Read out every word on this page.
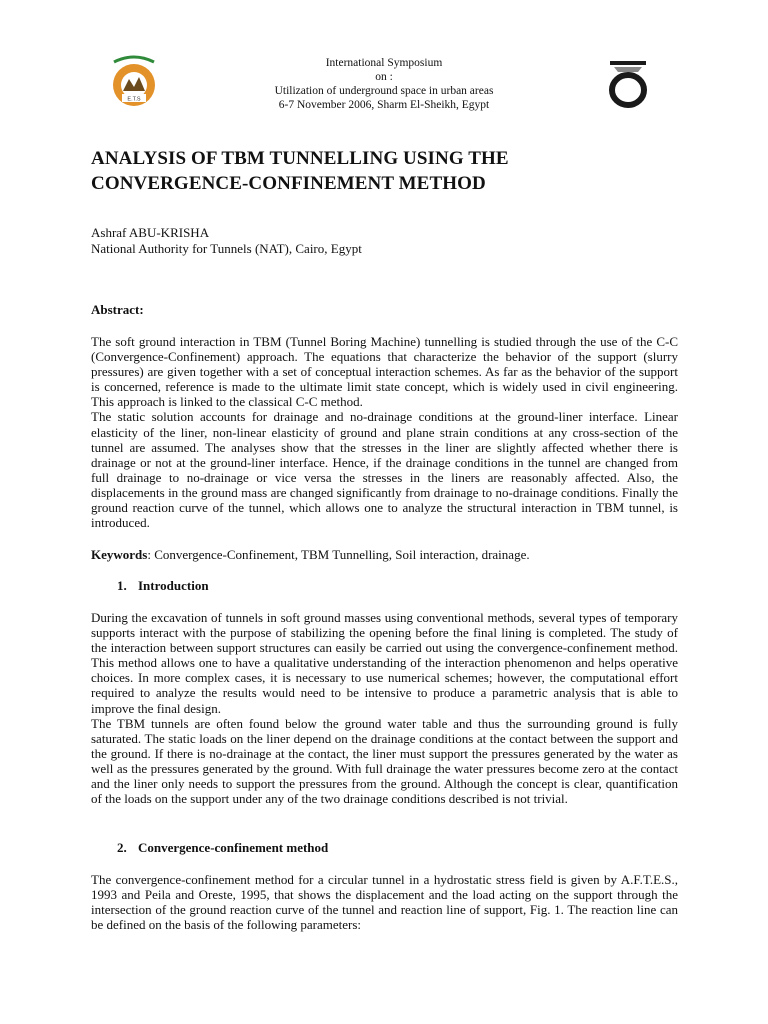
E.T.S
International Symposium
on :
Utilization of underground space in urban areas
6-7 November 2006, Sharm El-Sheikh, Egypt
ANALYSIS OF TBM TUNNELLING USING THE
CONVERGENCE-CONFINEMENT METHOD
Ashraf ABU-KRISHA
National Authority for Tunnels (NAT), Cairo, Egypt
Abstract:

The soft ground interaction in TBM (Tunnel Boring Machine) tunnelling is studied through the use of the C-C (Convergence-Confinement) approach. The equations that characterize the behavior of the support (slurry pressures) are given together with a set of conceptual interaction schemes. As far as the behavior of the support is concerned, reference is made to the ultimate limit state concept, which is widely used in civil engineering. This approach is linked to the classical C-C method.

The static solution accounts for drainage and no-drainage conditions at the ground-liner interface. Linear elasticity of the liner, non-linear elasticity of ground and plane strain conditions at any cross-section of the tunnel are assumed. The analyses show that the stresses in the liner are slightly affected whether there is drainage or not at the ground-liner interface. Hence, if the drainage conditions in the tunnel are changed from full drainage to no-drainage or vice versa the stresses in the liners are reasonably affected. Also, the displacements in the ground mass are changed significantly from drainage to no-drainage conditions. Finally the ground reaction curve of the tunnel, which allows one to analyze the structural interaction in TBM tunnel, is introduced.

Keywords: Convergence-Confinement, TBM Tunnelling, Soil interaction, drainage.
1. Introduction

During the excavation of tunnels in soft ground masses using conventional methods, several types of temporary supports interact with the purpose of stabilizing the opening before the final lining is completed. The study of the interaction between support structures can easily be carried out using the convergence-confinement method. This method allows one to have a qualitative understanding of the interaction phenomenon and helps operative choices. In more complex cases, it is necessary to use numerical schemes; however, the computational effort required to analyze the results would need to be intensive to produce a parametric analysis that is able to improve the final design.

The TBM tunnels are often found below the ground water table and thus the surrounding ground is fully saturated. The static loads on the liner depend on the drainage conditions at the contact between the support and the ground. If there is no-drainage at the contact, the liner must support the pressures generated by the water as well as the pressures generated by the ground. With full drainage the water pressures become zero at the contact and the liner only needs to support the pressures from the ground. Although the concept is clear, quantification of the loads on the support under any of the two drainage conditions described is not trivial.

2. Convergence-confinement method

The convergence-confinement method for a circular tunnel in a hydrostatic stress field is given by A.F.T.E.S., 1993 and Peila and Oreste, 1995, that shows the displacement and the load acting on the support through the intersection of the ground reaction curve of the tunnel and reaction line of support, Fig. 1. The reaction line can be defined on the basis of the following parameters:
